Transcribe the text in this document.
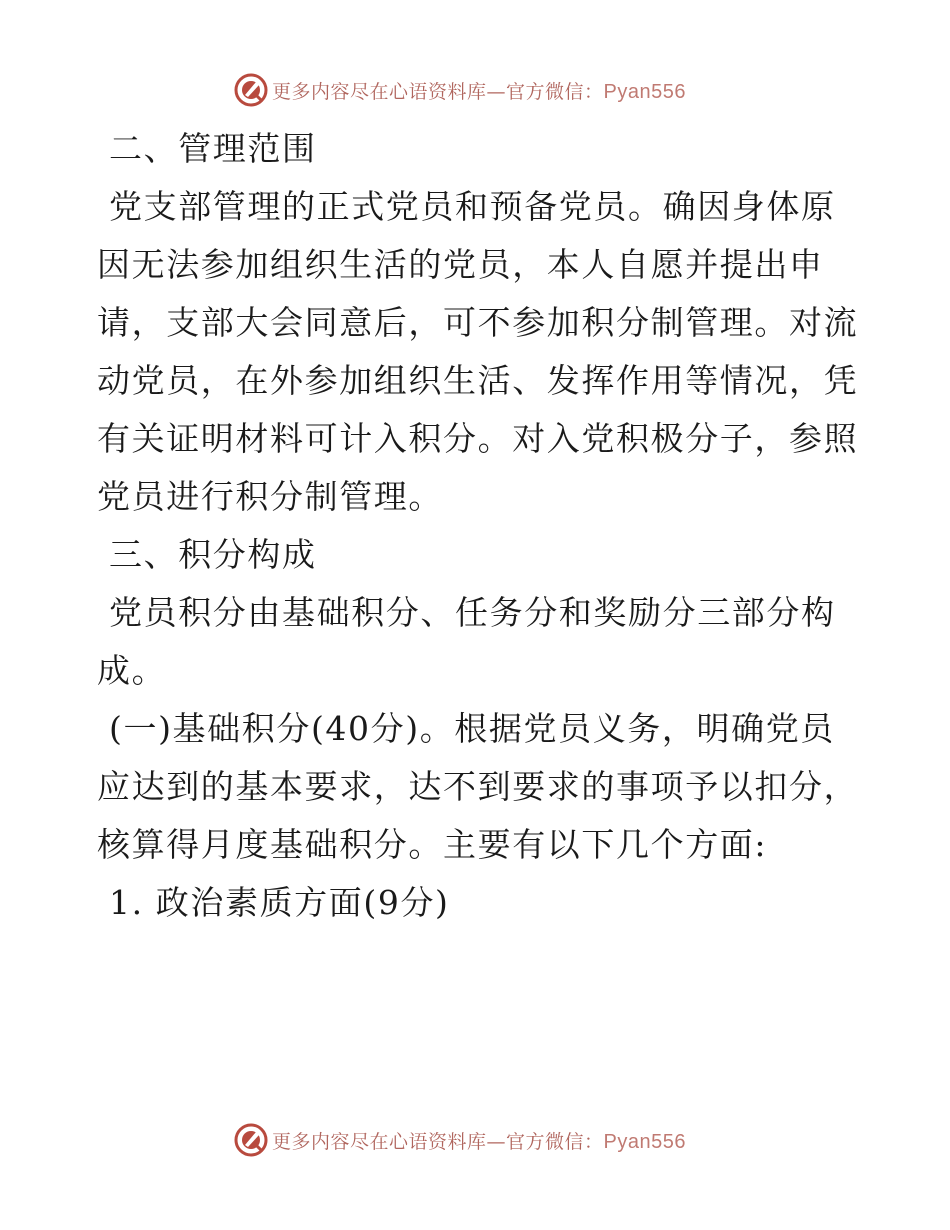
更多内容尽在心语资料库—官方微信：Pyan556
二、管理范围
党支部管理的正式党员和预备党员。确因身体原
因无法参加组织生活的党员，本人自愿并提出申
请，支部大会同意后，可不参加积分制管理。对流
动党员，在外参加组织生活、发挥作用等情况，凭
有关证明材料可计入积分。对入党积极分子，参照
党员进行积分制管理。
三、积分构成
党员积分由基础积分、任务分和奖励分三部分构
成。
(一)基础积分(40分)。根据党员义务，明确党员
应达到的基本要求，达不到要求的事项予以扣分，
核算得月度基础积分。主要有以下几个方面:
1. 政治素质方面(9分)
更多内容尽在心语资料库—官方微信：Pyan556
